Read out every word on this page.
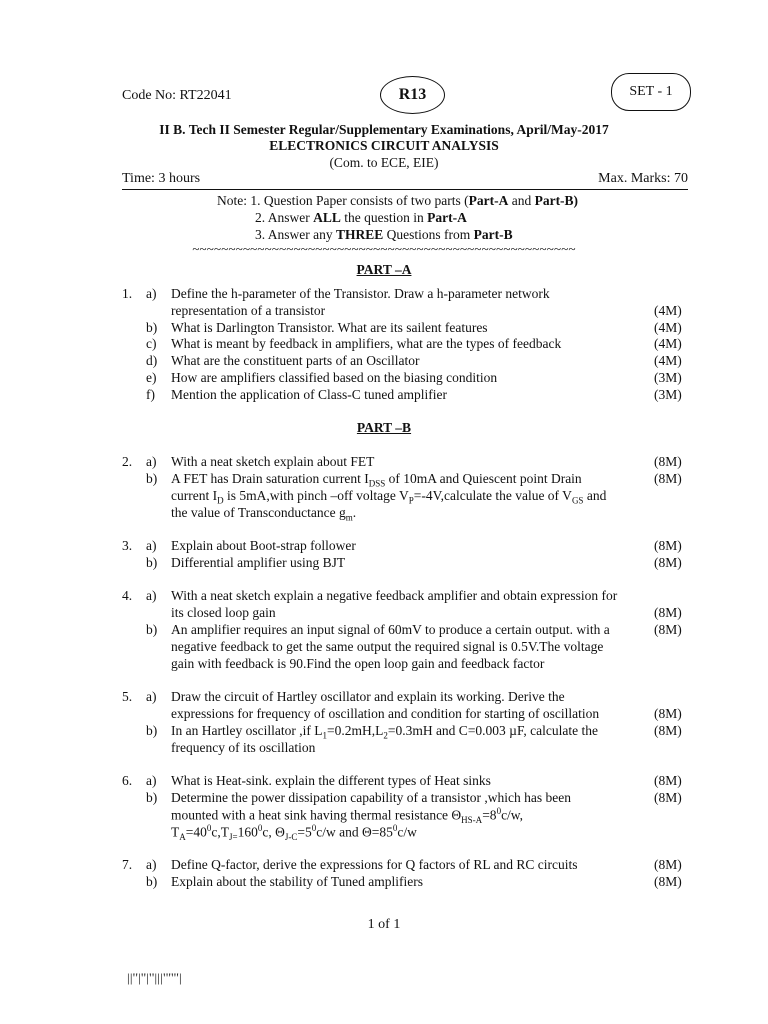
Code No: RT22041	R13	SET - 1
II B. Tech II Semester Regular/Supplementary Examinations, April/May-2017
ELECTRONICS CIRCUIT ANALYSIS
(Com. to ECE, EIE)
Time: 3 hours	Max. Marks: 70
Note: 1. Question Paper consists of two parts (Part-A and Part-B)
2. Answer ALL the question in Part-A
3. Answer any THREE Questions from Part-B
~~~~~~~~~~~~~~~~~~~~~~~~~~~~~~~~~~~~~~~~~~~~~~~~~~~~~
PART –A
1. a) Define the h-parameter of the Transistor. Draw a h-parameter network
representation of a transistor	(4M)
b) What is Darlington Transistor. What are its sailent features	(4M)
c) What is meant by feedback in amplifiers, what are the types of feedback	(4M)
d) What are the constituent parts of an Oscillator	(4M)
e) How are amplifiers classified based on the biasing condition	(3M)
f) Mention the application of Class-C tuned amplifier	(3M)
PART –B
2. a) With a neat sketch explain about FET	(8M)
b) A FET has Drain saturation current $I_{DSS}$ of 10mA and Quiescent point Drain	(8M)
current $I_D$ is 5mA,with pinch –off voltage $V_P=-4V,calculate$ the value of $V_{GS}$ and
the value of Transconductance $g_m$.
3. a) Explain about Boot-strap follower	(8M)
b) Differential amplifier using BJT	(8M)
4. a) With a neat sketch explain a negative feedback amplifier and obtain expression for
its closed loop gain	(8M)
b) An amplifier requires an input signal of 60mV to produce a certain output. with a	(8M)
negative feedback to get the same output the required signal is 0.5V.The voltage
gain with feedback is 90.Find the open loop gain and feedback factor
5. a) Draw the circuit of Hartley oscillator and explain its working. Derive the
expressions for frequency of oscillation and condition for starting of oscillation	(8M)
b) In an Hartley oscillator ,if $L_1=0.2mH,L_2=0.3mH$ and C=0.003 µF, calculate the	(8M)
frequency of its oscillation
6. a) What is Heat-sink. explain the different types of Heat sinks	(8M)
b) Determine the power dissipation capability of a transistor ,which has been	(8M)
mounted with a heat sink having thermal resistance $\Theta_{HS-A}=8^0c/w$,
$T_A=40^0c,T_{J=}160^0c$, $\Theta_{J-C}=5^0c/w$ and $\Theta=85^0c/w$
7. a) Define Q-factor, derive the expressions for Q factors of RL and RC circuits	(8M)
b) Explain about the stability of Tuned amplifiers	(8M)
1 of 1
||''|''|''|||''''''|
